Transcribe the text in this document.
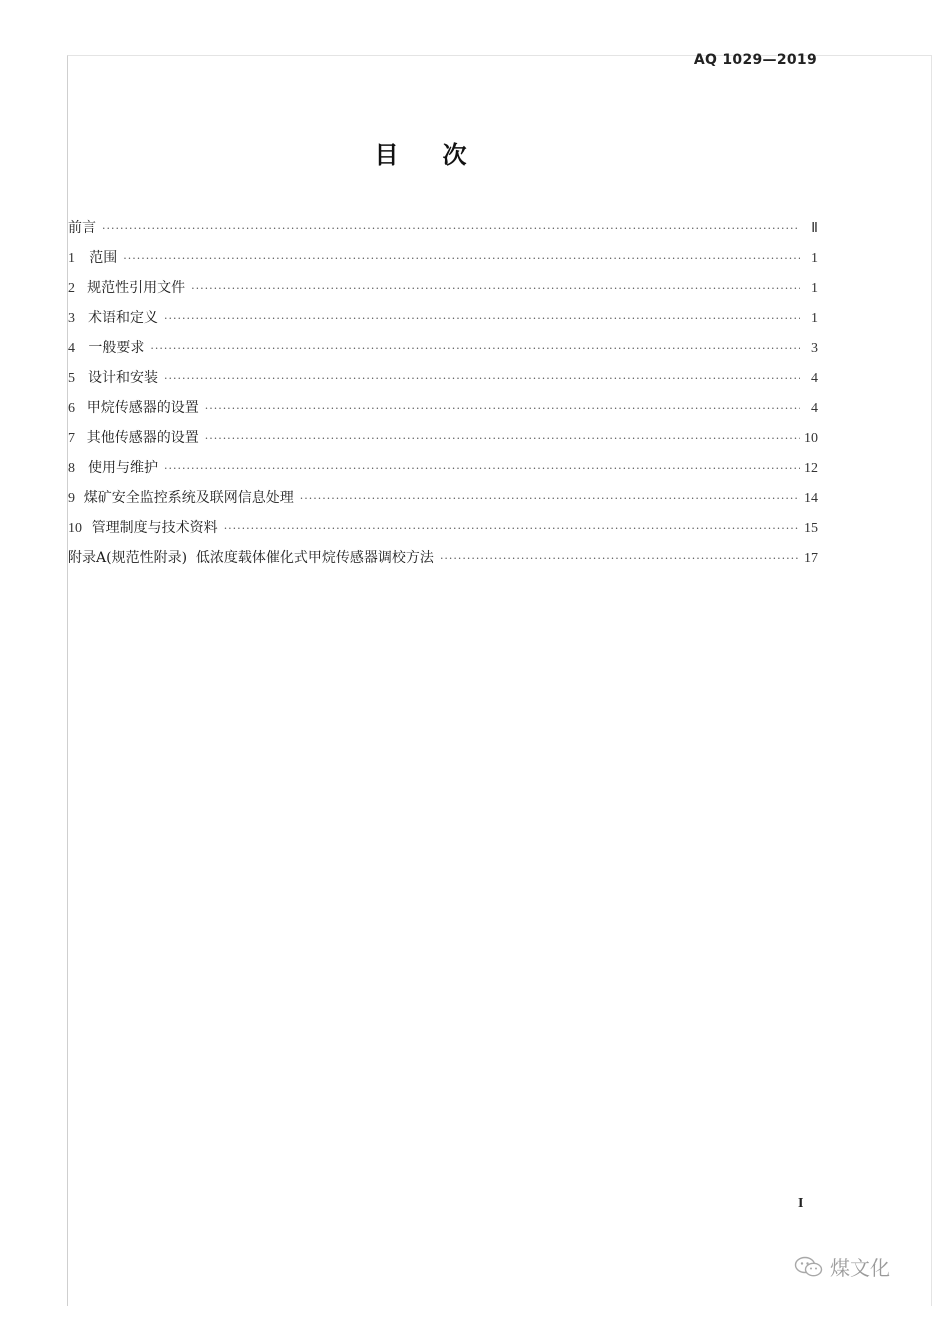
AQ 1029—2019
目次
前言 ·····	Ⅱ
1	范围 ·····	1
2 规范性引用文件 ·····	1
3 术语和定义 ·····	1
4 一般要求 ·····	3
5 设计和安装 ·····	4
6 甲烷传感器的设置 ·····	4
7 其他传感器的设置 ·····	10
8 使用与维护 ·····	12
9 煤矿安全监控系统及联网信息处理 ·····	14
10 管理制度与技术资料 ·····	15
附录A(规范性附录)  低浓度载体催化式甲烷传感器调校方法 ·····	17
I
煤文化
